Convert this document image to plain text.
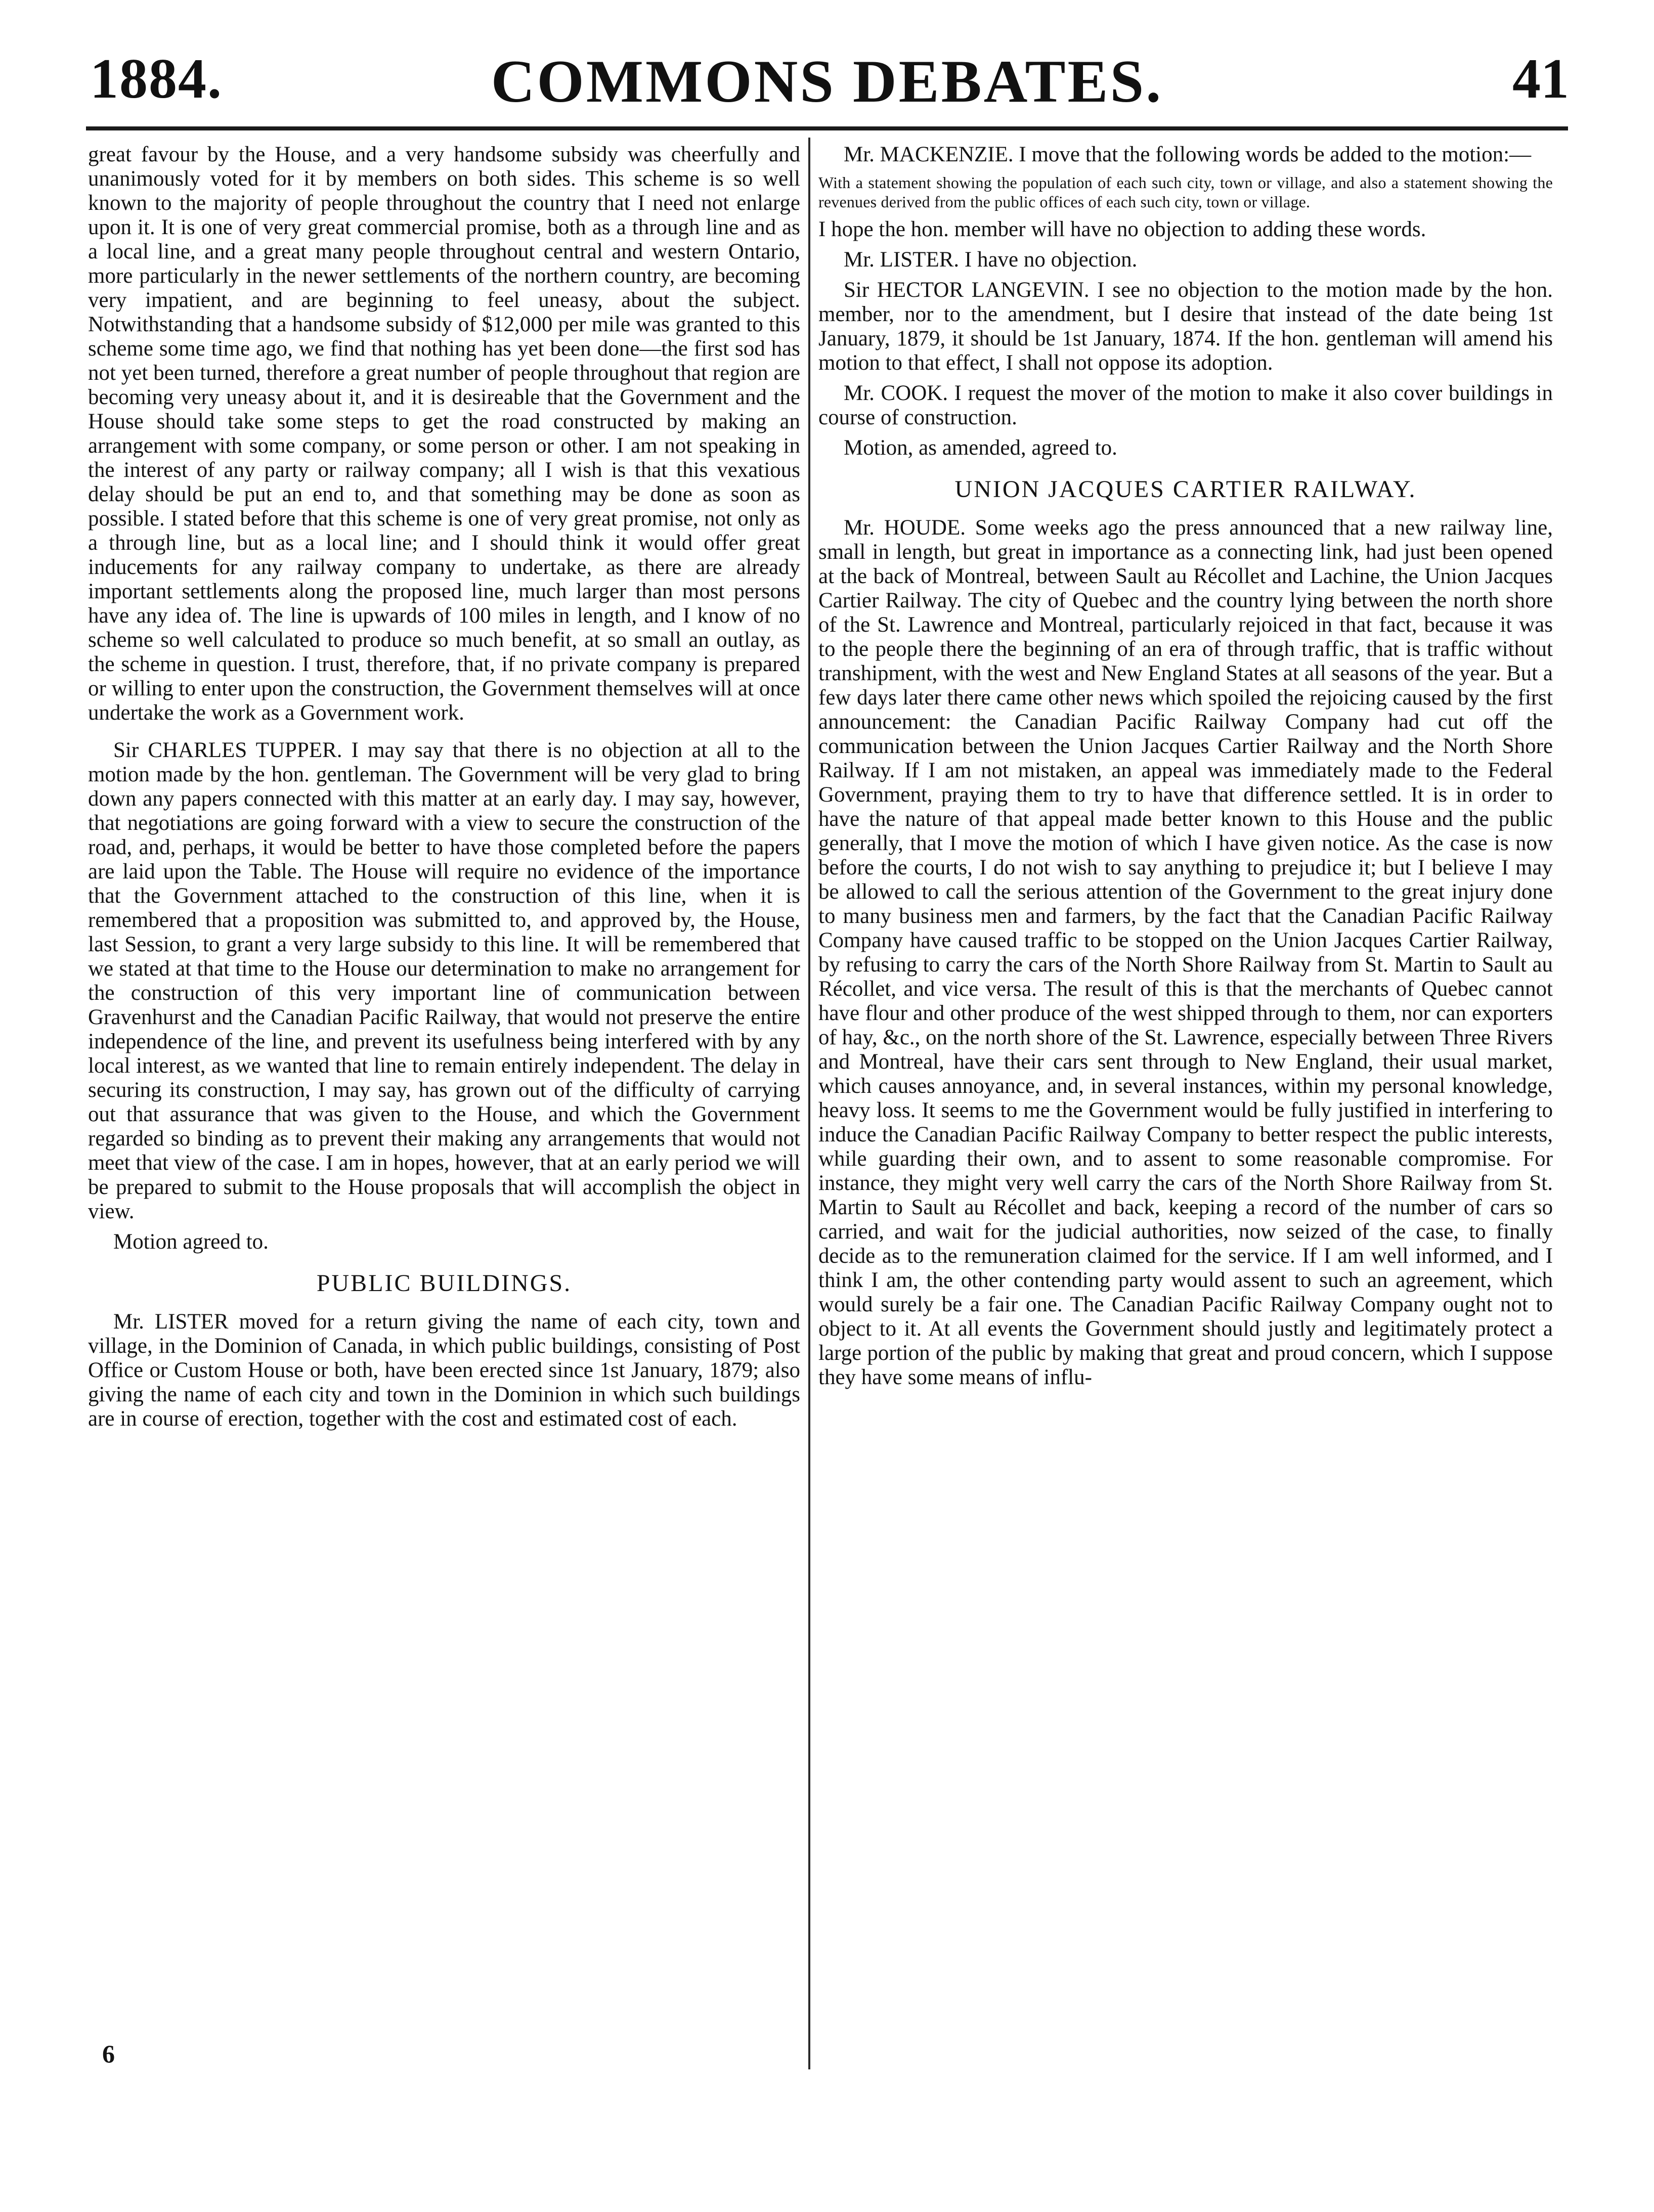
COMMONS DEBATES.
1884.	41

great favour by the House, and a very handsome subsidy was cheerfully and unanimously voted for it by members on both sides. This scheme is so well known to the majority of people throughout the country that I need not enlarge upon it. It is one of very great commercial promise, both as a through line and as a local line, and a great many people throughout central and western Ontario, more particularly in the newer settlements of the northern country, are becoming very impatient, and are beginning to feel uneasy, about the subject. Notwithstanding that a handsome subsidy of $12,000 per mile was granted to this scheme some time ago, we find that nothing has yet been done—the first sod has not yet been turned, therefore a great number of people throughout that region are becoming very uneasy about it, and it is desireable that the Government and the House should take some steps to get the road constructed by making an arrangement with some company, or some person or other. I am not speaking in the interest of any party or railway company; all I wish is that this vexatious delay should be put an end to, and that something may be done as soon as possible. I stated before that this scheme is one of very great promise, not only as a through line, but as a local line; and I should think it would offer great inducements for any railway company to undertake, as there are already important settlements along the proposed line, much larger than most persons have any idea of. The line is upwards of 100 miles in length, and I know of no scheme so well calculated to produce so much benefit, at so small an outlay, as the scheme in question. I trust, therefore, that, if no private company is prepared or willing to enter upon the construction, the Government themselves will at once undertake the work as a Government work.

Sir CHARLES TUPPER. I may say that there is no objection at all to the motion made by the hon. gentleman. The Government will be very glad to bring down any papers connected with this matter at an early day. I may say, however, that negotiations are going forward with a view to secure the construction of the road, and, perhaps, it would be better to have those completed before the papers are laid upon the Table. The House will require no evidence of the importance that the Government attached to the construction of this line, when it is remembered that a proposition was submitted to, and approved by, the House, last Session, to grant a very large subsidy to this line. It will be remembered that we stated at that time to the House our determination to make no arrangement for the construction of this very important line of communication between Gravenhurst and the Canadian Pacific Railway, that would not preserve the entire independence of the line, and prevent its usefulness being interfered with by any local interest, as we wanted that line to remain entirely independent. The delay in securing its construction, I may say, has grown out of the difficulty of carrying out that assurance that was given to the House, and which the Government regarded so binding as to prevent their making any arrangements that would not meet that view of the case. I am in hopes, however, that at an early period we will be prepared to submit to the House proposals that will accomplish the object in view.

Motion agreed to.

PUBLIC BUILDINGS.

Mr. LISTER moved for a return giving the name of each city, town and village, in the Dominion of Canada, in which public buildings, consisting of Post Office or Custom House or both, have been erected since 1st January, 1879; also giving the name of each city and town in the Dominion in which such buildings are in course of erection, together with the cost and estimated cost of each.

Mr. MACKENZIE. I move that the following words be added to the motion:—

With a statement showing the population of each such city, town or village, and also a statement showing the revenues derived from the public offices of each such city, town or village.

I hope the hon. member will have no objection to adding these words.

Mr. LISTER. I have no objection.

Sir HECTOR LANGEVIN. I see no objection to the motion made by the hon. member, nor to the amendment, but I desire that instead of the date being 1st January, 1879, it should be 1st January, 1874. If the hon. gentleman will amend his motion to that effect, I shall not oppose its adoption.

Mr. COOK. I request the mover of the motion to make it also cover buildings in course of construction.

Motion, as amended, agreed to.

UNION JACQUES CARTIER RAILWAY.

Mr. HOUDE. Some weeks ago the press announced that a new railway line, small in length, but great in importance as a connecting link, had just been opened at the back of Montreal, between Sault au Récollet and Lachine, the Union Jacques Cartier Railway. The city of Quebec and the country lying between the north shore of the St. Lawrence and Montreal, particularly rejoiced in that fact, because it was to the people there the beginning of an era of through traffic, that is traffic without transhipment, with the west and New England States at all seasons of the year. But a few days later there came other news which spoiled the rejoicing caused by the first announcement: the Canadian Pacific Railway Company had cut off the communication between the Union Jacques Cartier Railway and the North Shore Railway. If I am not mistaken, an appeal was immediately made to the Federal Government, praying them to try to have that difference settled. It is in order to have the nature of that appeal made better known to this House and the public generally, that I move the motion of which I have given notice. As the case is now before the courts, I do not wish to say anything to prejudice it; but I believe I may be allowed to call the serious attention of the Government to the great injury done to many business men and farmers, by the fact that the Canadian Pacific Railway Company have caused traffic to be stopped on the Union Jacques Cartier Railway, by refusing to carry the cars of the North Shore Railway from St. Martin to Sault au Récollet, and vice versa. The result of this is that the merchants of Quebec cannot have flour and other produce of the west shipped through to them, nor can exporters of hay, &c., on the north shore of the St. Lawrence, especially between Three Rivers and Montreal, have their cars sent through to New England, their usual market, which causes annoyance, and, in several instances, within my personal knowledge, heavy loss. It seems to me the Government would be fully justified in interfering to induce the Canadian Pacific Railway Company to better respect the public interests, while guarding their own, and to assent to some reasonable compromise. For instance, they might very well carry the cars of the North Shore Railway from St. Martin to Sault au Récollet and back, keeping a record of the number of cars so carried, and wait for the judicial authorities, now seized of the case, to finally decide as to the remuneration claimed for the service. If I am well informed, and I think I am, the other contending party would assent to such an agreement, which would surely be a fair one. The Canadian Pacific Railway Company ought not to object to it. At all events the Government should justly and legitimately protect a large portion of the public by making that great and proud concern, which I suppose they have some means of influ-

6
